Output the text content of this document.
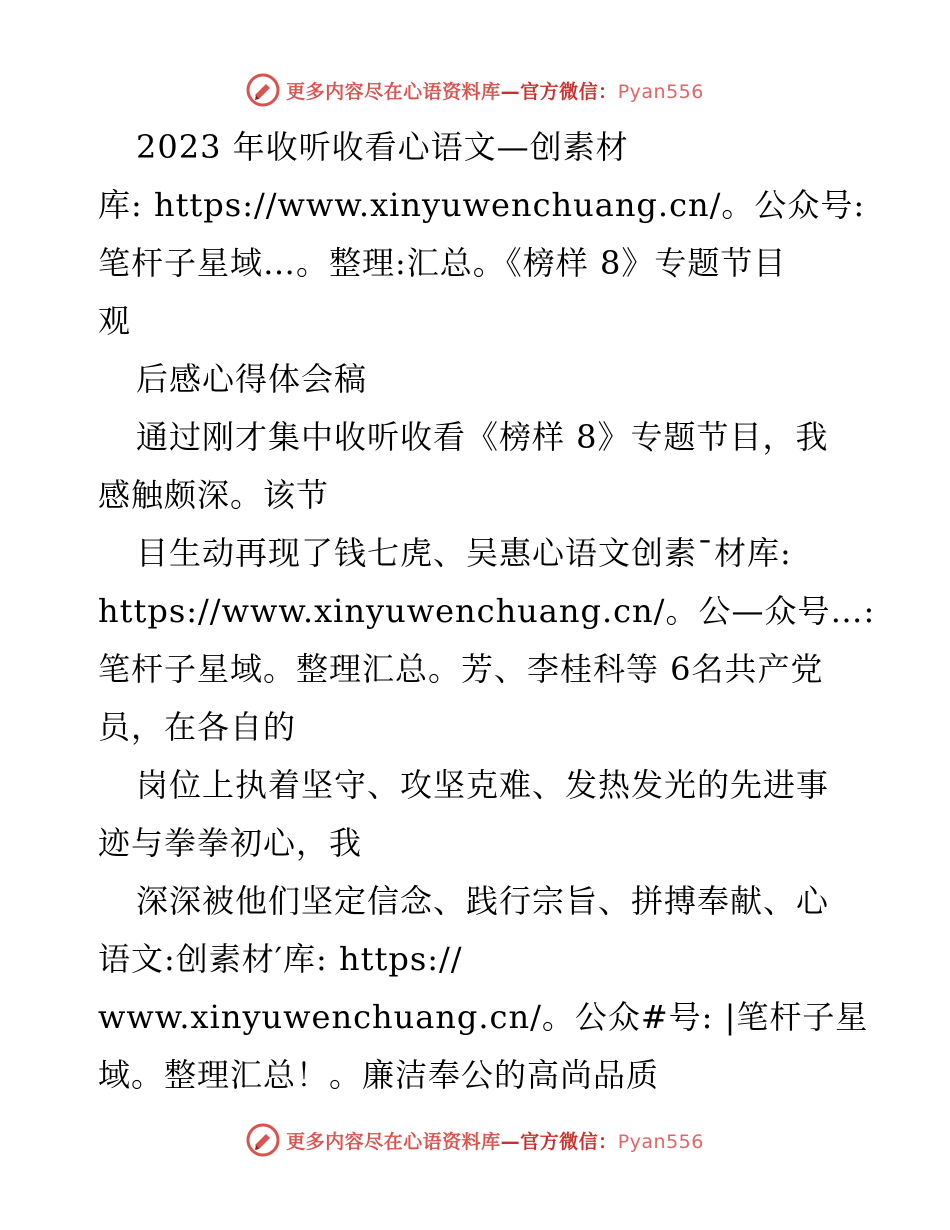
更多内容尽在心语资料库—官方微信：Pyan556
2023 年收听收看心语文—创素材
库: https://www.xinyuwenchuang.cn/。公众号:
笔杆子星域…。整理:汇总。《榜样 8》专题节目
观
后感心得体会稿
通过刚才集中收听收看《榜样 8》专题节目，我
感触颇深。该节
目生动再现了钱七虎、吴惠心语文创素¯材库:
https://www.xinyuwenchuang.cn/。公—众号…:
笔杆子星域。整理汇总。芳、李桂科等 6名共产党
员，在各自的
岗位上执着坚守、攻坚克难、发热发光的先进事
迹与拳拳初心，我
深深被他们坚定信念、践行宗旨、拼搏奉献、心
语文:创素材′库: https://
www.xinyuwenchuang.cn/。公众#号: |笔杆子星
域。整理汇总！。廉洁奉公的高尚品质
更多内容尽在心语资料库—官方微信：Pyan556
